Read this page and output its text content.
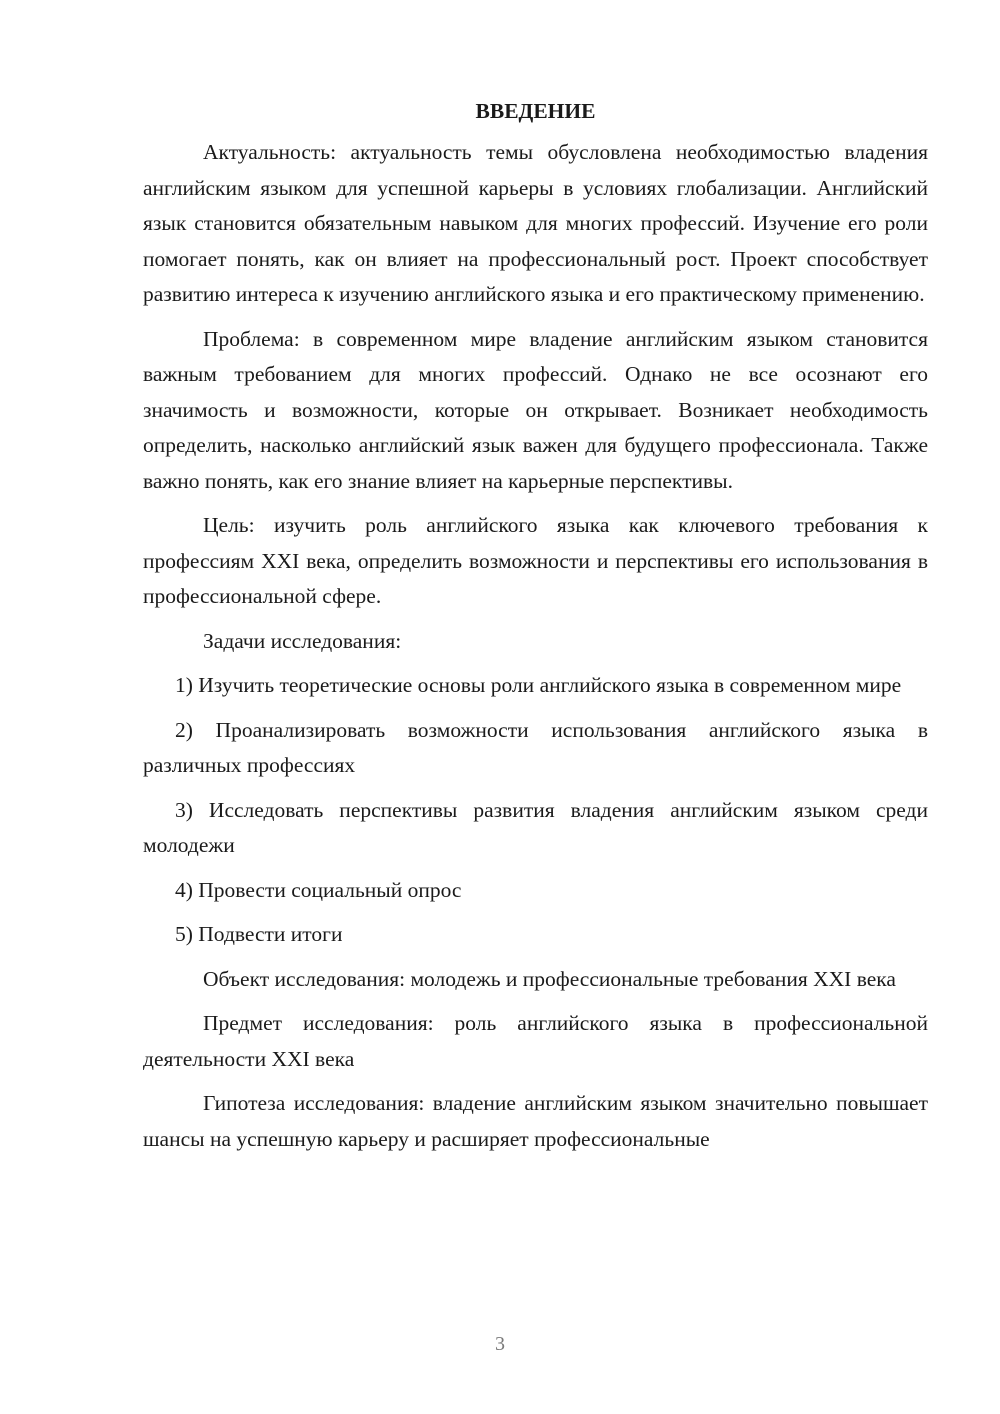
ВВЕДЕНИЕ

Актуальность: актуальность темы обусловлена необходимостью владения английским языком для успешной карьеры в условиях глобализации. Английский язык становится обязательным навыком для многих профессий. Изучение его роли помогает понять, как он влияет на профессиональный рост. Проект способствует развитию интереса к изучению английского языка и его практическому применению.

Проблема: в современном мире владение английским языком становится важным требованием для многих профессий. Однако не все осознают его значимость и возможности, которые он открывает. Возникает необходимость определить, насколько английский язык важен для будущего профессионала. Также важно понять, как его знание влияет на карьерные перспективы.

Цель: изучить роль английского языка как ключевого требования к профессиям XXI века, определить возможности и перспективы его использования в профессиональной сфере.

Задачи исследования:

1) Изучить теоретические основы роли английского языка в современном мире

2) Проанализировать возможности использования английского языка в различных профессиях

3) Исследовать перспективы развития владения английским языком среди молодежи

4) Провести социальный опрос

5) Подвести итоги

Объект исследования: молодежь и профессиональные требования XXI века

Предмет исследования: роль английского языка в профессиональной деятельности XXI века

Гипотеза исследования: владение английским языком значительно повышает шансы на успешную карьеру и расширяет профессиональные

3
